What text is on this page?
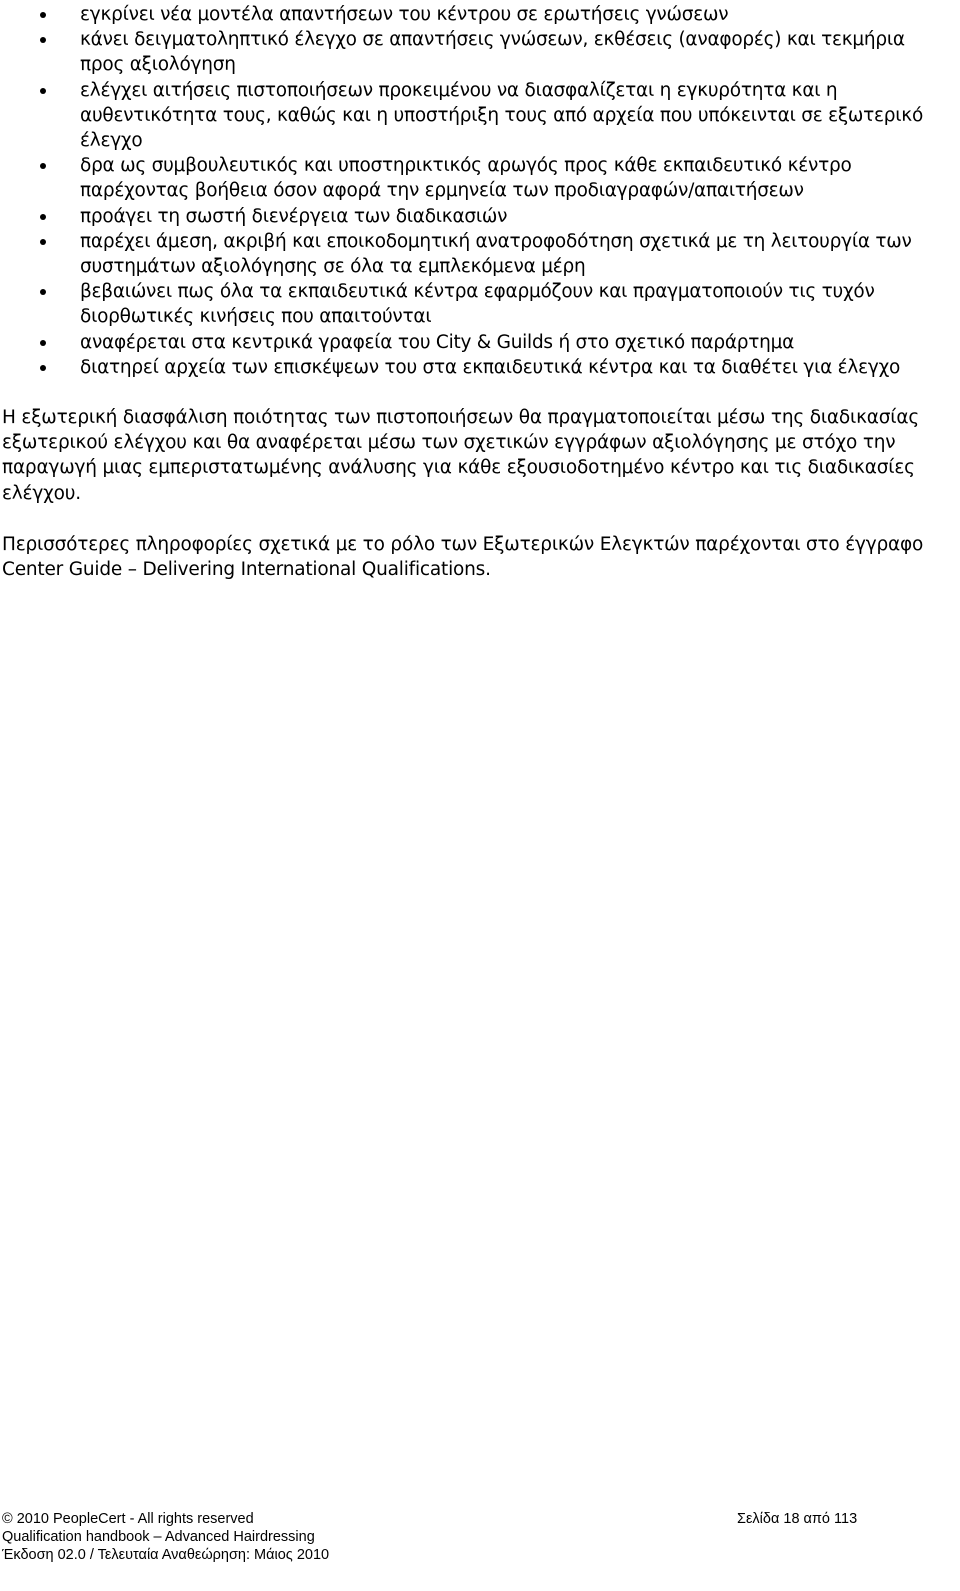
εγκρίνει νέα μοντέλα απαντήσεων του κέντρου σε ερωτήσεις γνώσεων
κάνει δειγματοληπτικό έλεγχο σε απαντήσεις γνώσεων, εκθέσεις (αναφορές) και τεκμήρια προς αξιολόγηση
ελέγχει αιτήσεις πιστοποιήσεων προκειμένου να διασφαλίζεται η εγκυρότητα και η αυθεντικότητα τους, καθώς και η υποστήριξη τους από αρχεία που υπόκεινται σε εξωτερικό έλεγχο
δρα ως συμβουλευτικός και υποστηρικτικός αρωγός προς κάθε εκπαιδευτικό κέντρο παρέχοντας βοήθεια όσον αφορά την ερμηνεία των προδιαγραφών/απαιτήσεων
προάγει τη σωστή διενέργεια των διαδικασιών
παρέχει άμεση, ακριβή και εποικοδομητική ανατροφοδότηση σχετικά με τη λειτουργία των συστημάτων αξιολόγησης σε όλα τα εμπλεκόμενα μέρη
βεβαιώνει πως όλα τα εκπαιδευτικά κέντρα εφαρμόζουν και πραγματοποιούν τις τυχόν διορθωτικές κινήσεις που απαιτούνται
αναφέρεται στα κεντρικά γραφεία του City & Guilds ή στο σχετικό παράρτημα
διατηρεί αρχεία των επισκέψεων του στα εκπαιδευτικά κέντρα και τα διαθέτει για έλεγχο

Η εξωτερική διασφάλιση ποιότητας των πιστοποιήσεων θα πραγματοποιείται μέσω της διαδικασίας εξωτερικού ελέγχου και θα αναφέρεται μέσω των σχετικών εγγράφων αξιολόγησης με στόχο την παραγωγή μιας εμπεριστατωμένης ανάλυσης για κάθε εξουσιοδοτημένο κέντρο και τις διαδικασίες ελέγχου.

Περισσότερες πληροφορίες σχετικά με το ρόλο των Εξωτερικών Ελεγκτών παρέχονται στο έγγραφο Center Guide – Delivering International Qualifications.

© 2010 PeopleCert - All rights reserved
Qualification handbook – Advanced Hairdressing
Έκδοση 02.0 / Τελευταία Αναθεώρηση: Μάιος 2010
Σελίδα 18 από 113
